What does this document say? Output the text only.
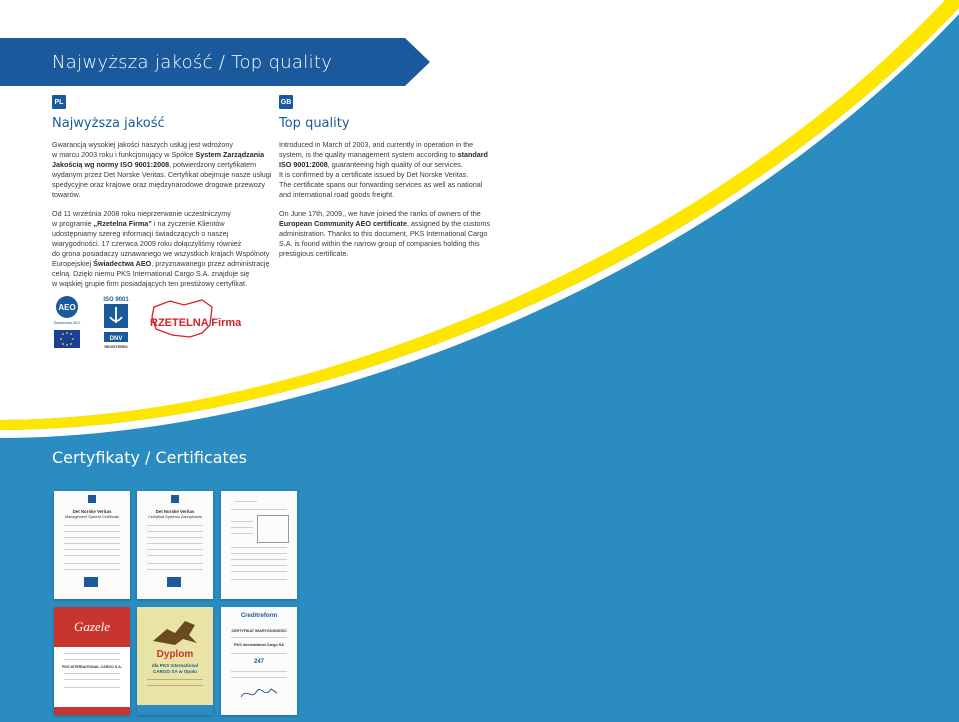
Najwyższa jakość / Top quality
PL
Najwyższa jakość
Gwarancją wysokiej jakości naszych usług jest wdrożony
w marcu 2003 roku i funkcjonujący w Spółce System Zarządzania
Jakością wg normy ISO 9001:2008, potwierdzony certyfikatem
wydanym przez Det Norske Veritas. Certyfikat obejmuje nasze usługi
spedycyjne oraz krajowe oraz międzynarodowe drogowe przewozy
towarów.
Od 11 września 2008 roku nieprzerwanie uczestniczymy
w programie „Rzetelna Firma” i na życzenie Klientów
udostępniamy szereg informacji świadczących o naszej
wiarygodności. 17 czerwca 2009 roku dołączyliśmy również
do grona posiadaczy uznawanego we wszystkich krajach Wspólnoty
Europejskiej Świadectwa AEO, przyznawanego przez administrację
celną. Dzięki niemu PKS International Cargo S.A. znajduje się
w wąskiej grupie firm posiadających ten prestiżowy certyfikat.
AEO
Świadectwo AEO
ISO 9001
DNV
REGISTERED
RZETELNA Firma
GB
Top quality
Introduced in March of 2003, and currently in operation in the
system, is the quality management system according to standard
ISO 9001:2008, guaranteeing high quality of our services.
It is confirmed by a certificate issued by Det Norske Veritas.
The certificate spans our forwarding services as well as national
and international road goods freight.
On June 17th, 2009,, we have joined the ranks of owners of the
European Community AEO certificate, assigned by the customs
administration. Thanks to this document, PKS International Cargo
S.A. is found within the narrow group of companies holding this
prestigious certificate.
Certyfikaty / Certificates
Det Norske Veritas
Management System Certificate
Det Norske Veritas
Certyfikat Systemu Zarządzania
Gazele
PKS INTERNATIONAL CARGO S.A.
Dyplom
dla PKS International
CARGO SA w Opolu
Creditreform
CERTYFIKAT WIARYGODNOŚCI
PKS International Cargo SA
247
